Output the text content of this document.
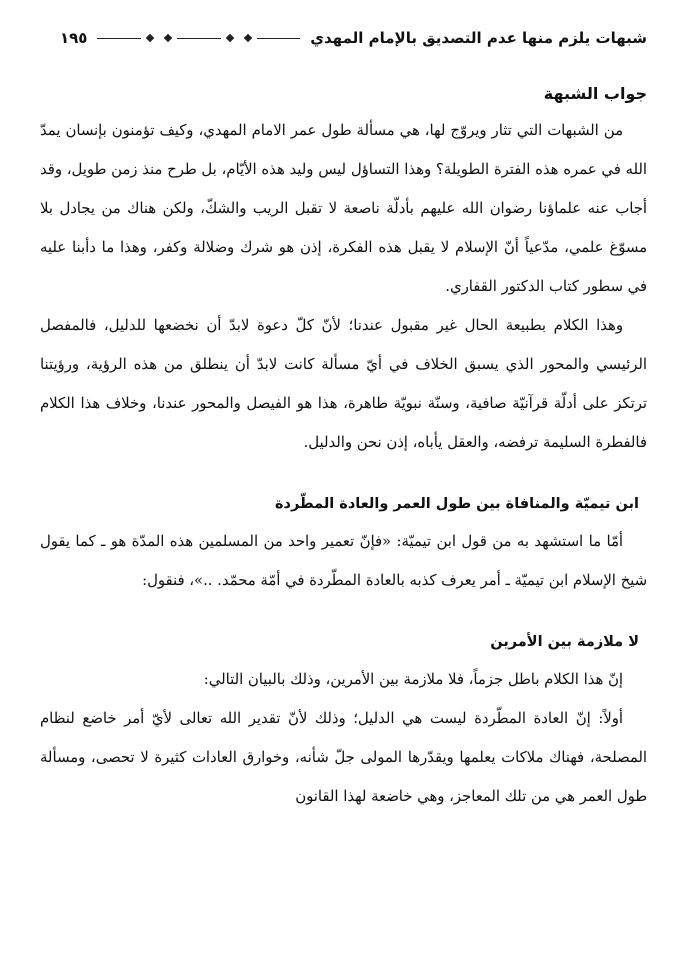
شبهات يلزم منها عدم التصديق بالإمام المهدي
١٩٥
جواب الشبهة

من الشبهات التي تثار ويروّج لها، هي مسألة طول عمر الامام المهدي، وكيف تؤمنون بإنسان يمدّ الله في عمره هذه الفترة الطويلة؟ وهذا التساؤل ليس وليد هذه الأيّام، بل طرح منذ زمن طويل، وقد أجاب عنه علماؤنا رضوان الله عليهم بأدلّة ناصعة لا تقبل الريب والشكّ، ولكن هناك من يجادل بلا مسوّغ علمي، مدّعياً أنّ الإسلام لا يقبل هذه الفكرة، إذن هو شرك وضلالة وكفر، وهذا ما دأبنا عليه في سطور كتاب الدكتور القفاري.

وهذا الكلام بطبيعة الحال غير مقبول عندنا؛ لأنّ كلّ دعوة لابدّ أن نخضعها للدليل، فالمفصل الرئيسي والمحور الذي يسبق الخلاف في أيّ مسألة كانت لابدّ أن ينطلق من هذه الرؤية، ورؤيتنا ترتكز على أدلّة قرآنيّة صافية، وسنّة نبويّة طاهرة، هذا هو الفيصل والمحور عندنا، وخلاف هذا الكلام فالفطرة السليمة ترفضه، والعقل يأباه، إذن نحن والدليل.

ابن تيميّة والمنافاة بين طول العمر والعادة المطّردة

أمّا ما استشهد به من قول ابن تيميّة: «فإنّ تعمير واحد من المسلمين هذه المدّة هو ـ كما يقول شيخ الإسلام ابن تيميّة ـ أمر يعرف كذبه بالعادة المطّردة في أمّة محمّد. ..»، فنقول:

لا ملازمة بين الأمرين

إنّ هذا الكلام باطل جزماً، فلا ملازمة بين الأمرين، وذلك بالبيان التالي:

أولاً: إنّ العادة المطّردة ليست هي الدليل؛ وذلك لأنّ تقدير الله تعالى لأيّ أمر خاضع لنظام المصلحة، فهناك ملاكات يعلمها ويقدّرها المولى جلّ شأنه، وخوارق العادات كثيرة لا تحصى، ومسألة طول العمر هي من تلك المعاجز، وهي خاضعة لهذا القانون
